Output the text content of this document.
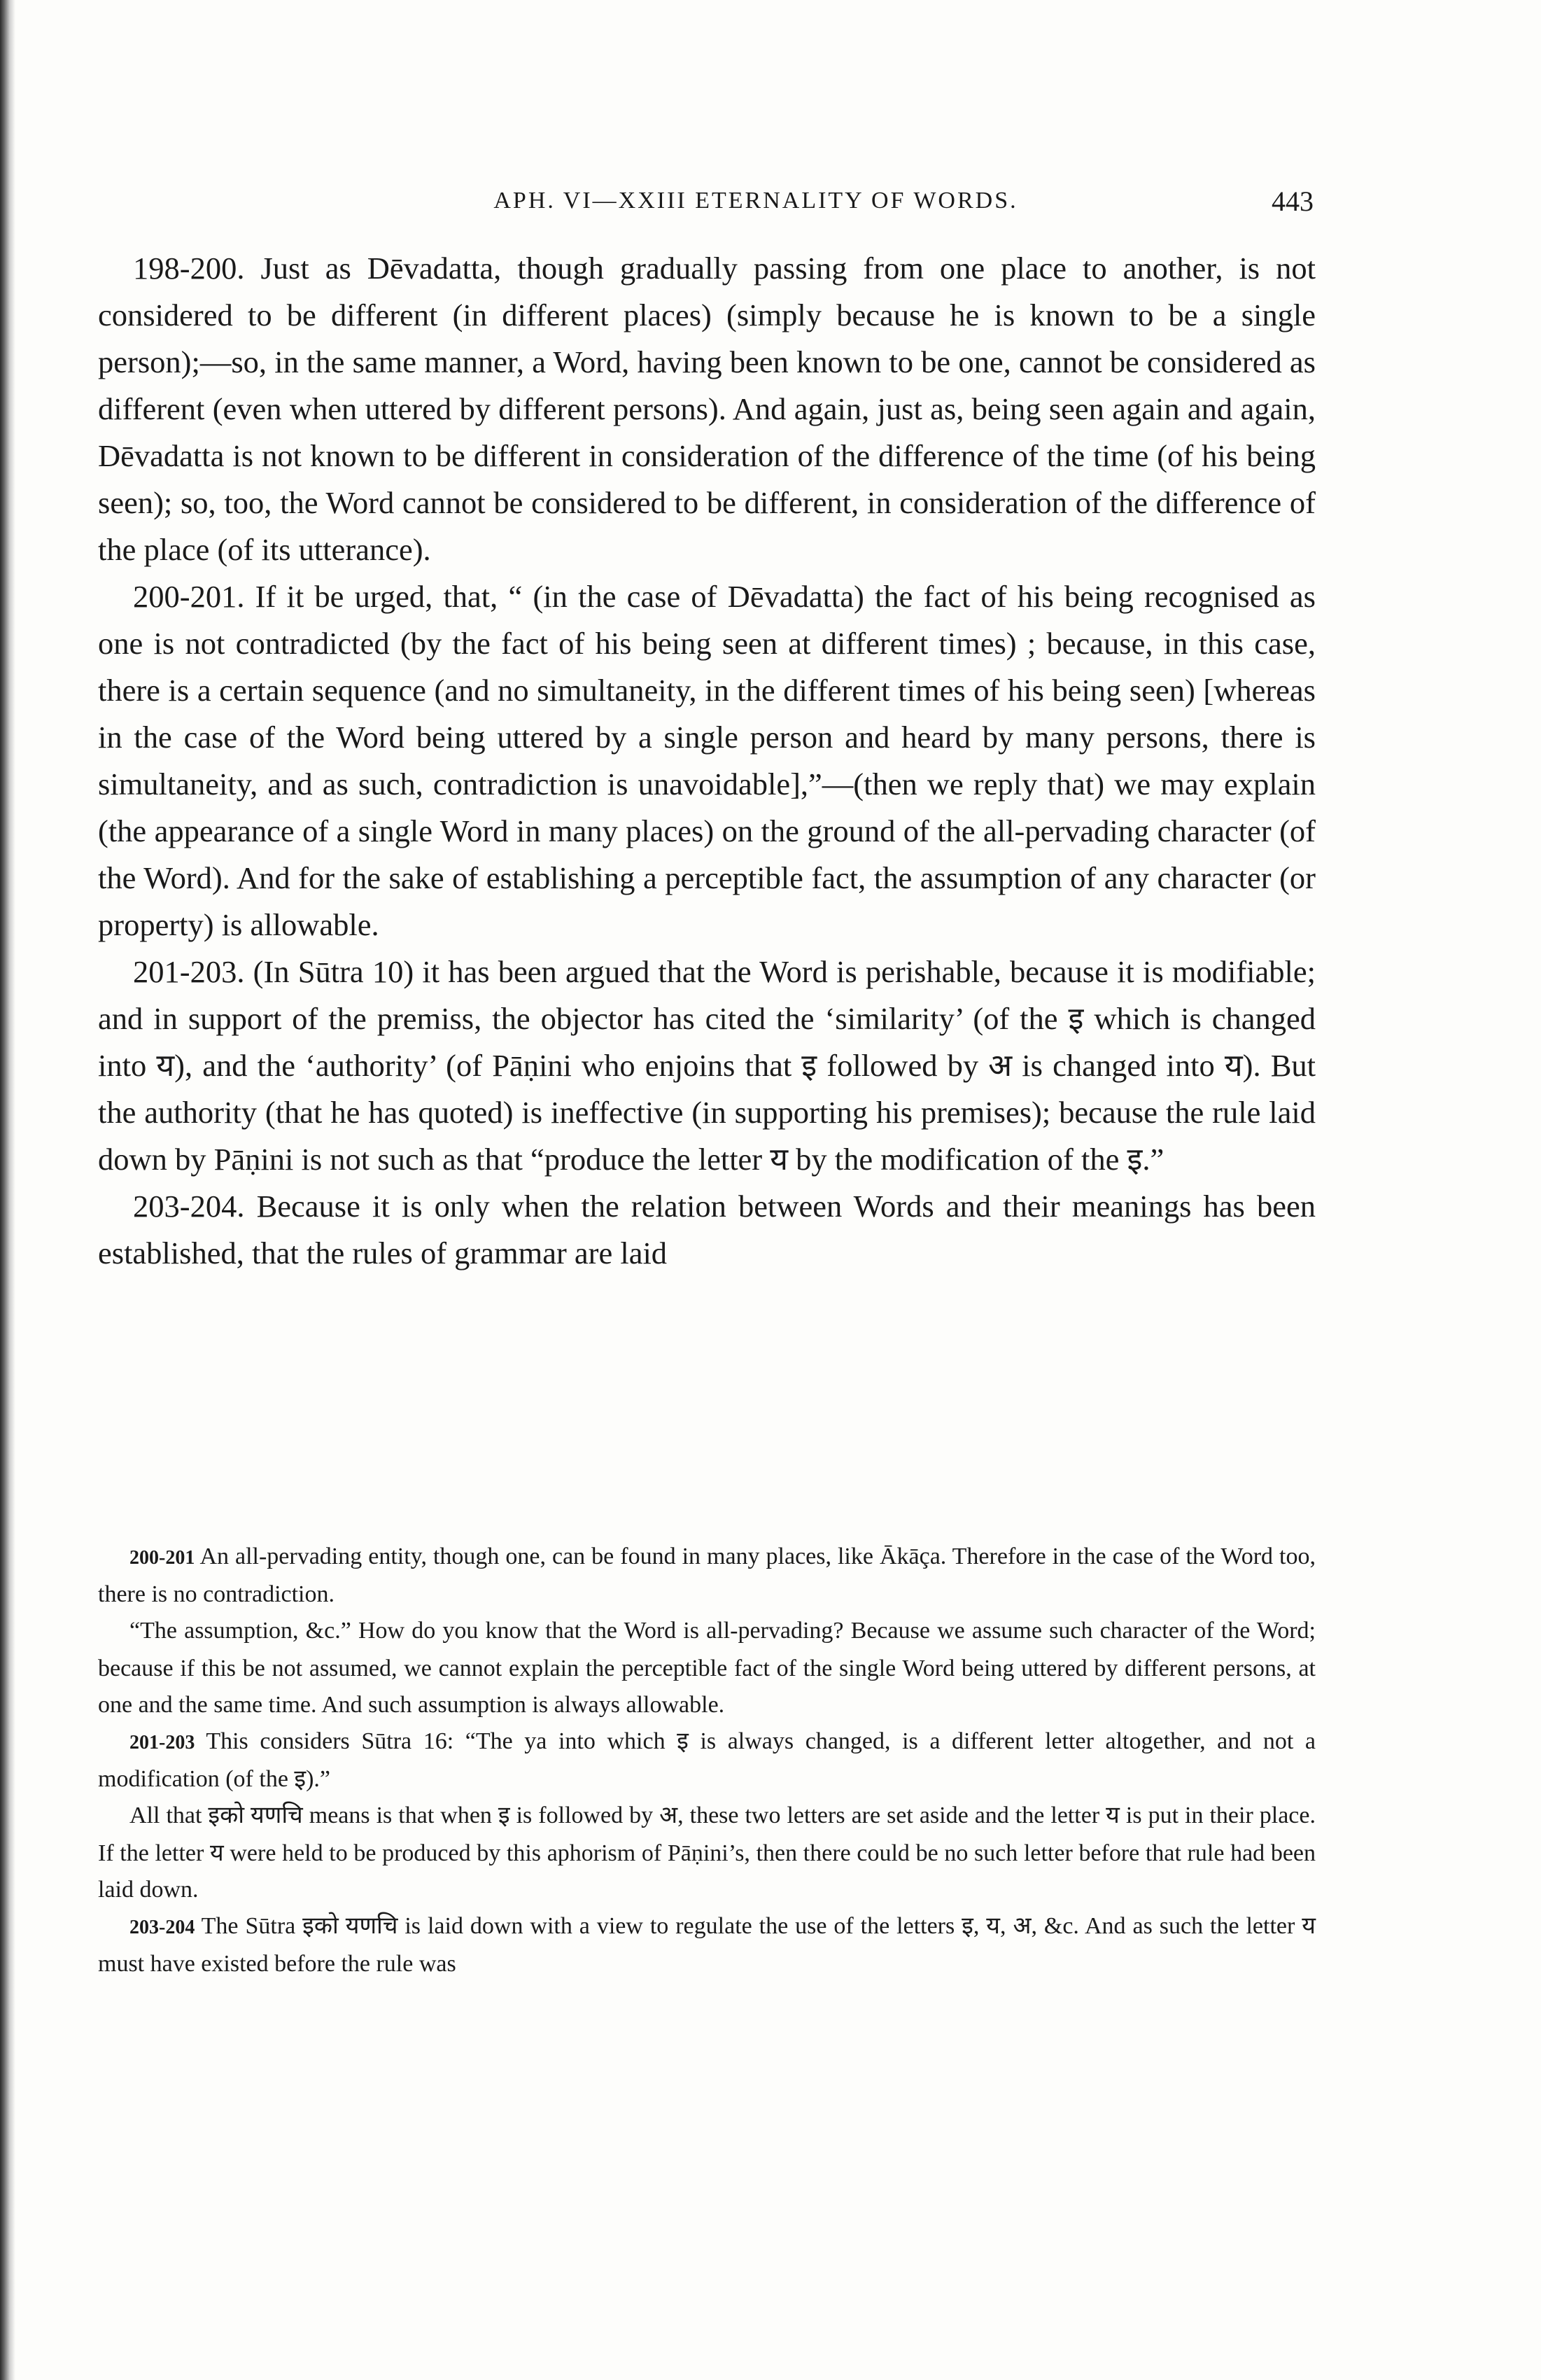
APH. VI—XXIII ETERNALITY OF WORDS.	443

198-200. Just as Dēvadatta, though gradually passing from one place to another, is not considered to be different (in different places) (simply because he is known to be a single person);—so, in the same manner, a Word, having been known to be one, cannot be considered as different (even when uttered by different persons). And again, just as, being seen again and again, Dēvadatta is not known to be different in consideration of the difference of the time (of his being seen); so, too, the Word cannot be considered to be different, in consideration of the difference of the place (of its utterance).

200-201. If it be urged, that, “ (in the case of Dēvadatta) the fact of his being recognised as one is not contradicted (by the fact of his being seen at different times) ; because, in this case, there is a certain sequence (and no simultaneity, in the different times of his being seen) [whereas in the case of the Word being uttered by a single person and heard by many persons, there is simultaneity, and as such, contradiction is unavoidable],”—(then we reply that) we may explain (the appearance of a single Word in many places) on the ground of the all-pervading character (of the Word). And for the sake of establishing a perceptible fact, the assumption of any character (or property) is allowable.

201-203. (In Sūtra 10) it has been argued that the Word is perishable, because it is modifiable; and in support of the premiss, the objector has cited the ‘similarity’ (of the इ which is changed into य), and the ‘authority’ (of Pāṇini who enjoins that इ followed by अ is changed into य). But the authority (that he has quoted) is ineffective (in supporting his premises); because the rule laid down by Pāṇini is not such as that “produce the letter य by the modification of the इ.”

203-204. Because it is only when the relation between Words and their meanings has been established, that the rules of grammar are laid

200-201 An all-pervading entity, though one, can be found in many places, like Ākāça. Therefore in the case of the Word too, there is no contradiction.

“The assumption, &c.” How do you know that the Word is all-pervading? Because we assume such character of the Word; because if this be not assumed, we cannot explain the perceptible fact of the single Word being uttered by different persons, at one and the same time. And such assumption is always allowable.

201-203 This considers Sūtra 16: “The ya into which इ is always changed, is a different letter altogether, and not a modification (of the इ).”

All that इको यणचि means is that when इ is followed by अ, these two letters are set aside and the letter य is put in their place. If the letter य were held to be produced by this aphorism of Pāṇini’s, then there could be no such letter before that rule had been laid down.

203-204 The Sūtra इको यणचि is laid down with a view to regulate the use of the letters इ, य, अ, &c. And as such the letter य must have existed before the rule was
